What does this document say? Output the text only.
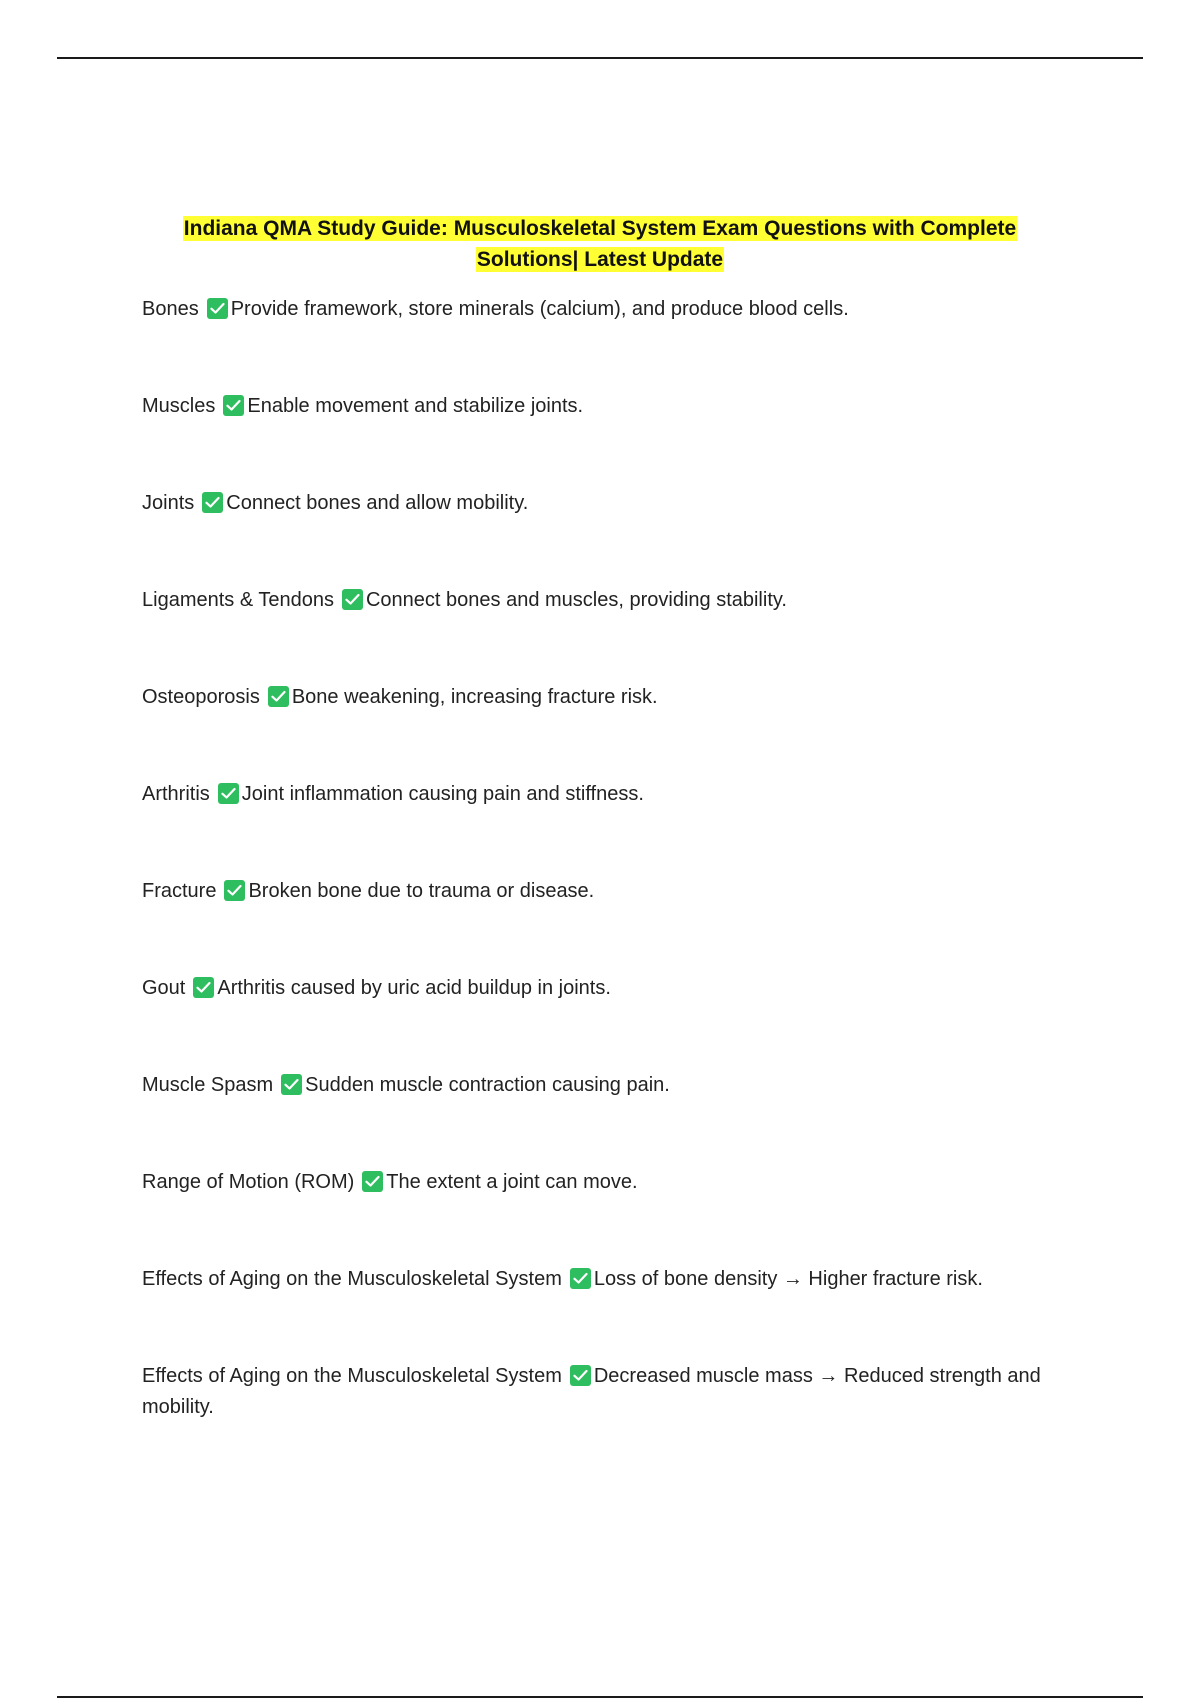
Indiana QMA Study Guide: Musculoskeletal System Exam Questions with Complete
Solutions| Latest Update
Bones Provide framework, store minerals (calcium), and produce blood cells.
Muscles Enable movement and stabilize joints.
Joints Connect bones and allow mobility.
Ligaments & Tendons Connect bones and muscles, providing stability.
Osteoporosis Bone weakening, increasing fracture risk.
Arthritis Joint inflammation causing pain and stiffness.
Fracture Broken bone due to trauma or disease.
Gout Arthritis caused by uric acid buildup in joints.
Muscle Spasm Sudden muscle contraction causing pain.
Range of Motion (ROM) The extent a joint can move.
Effects of Aging on the Musculoskeletal System Loss of bone density → Higher fracture risk.
Effects of Aging on the Musculoskeletal System Decreased muscle mass → Reduced strength and mobility.
